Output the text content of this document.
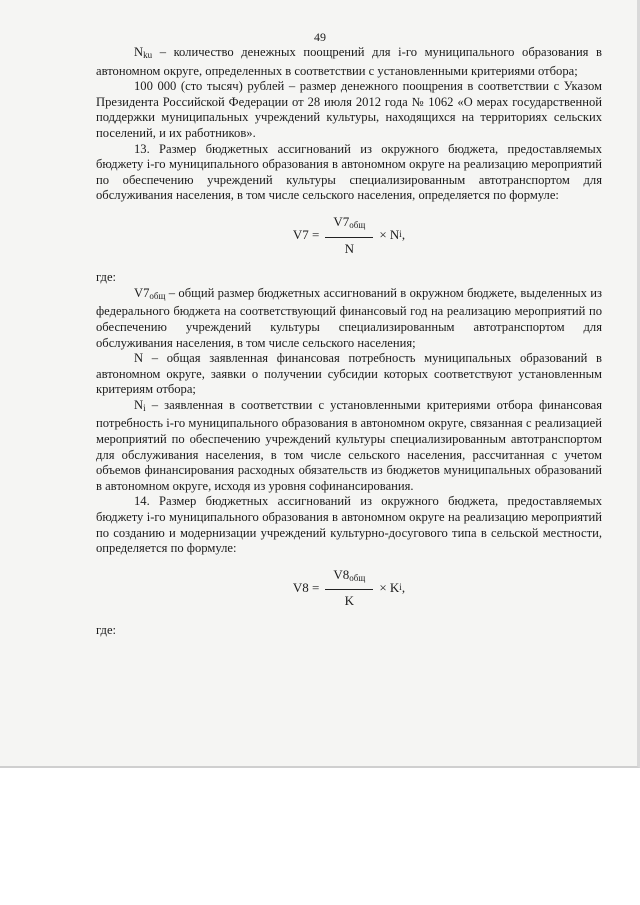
49

$N_{ku}$ – количество денежных поощрений для i-го муниципального образования в автономном округе, определенных в соответствии с установленными критериями отбора;

100 000 (сто тысяч) рублей – размер денежного поощрения в соответствии с Указом Президента Российской Федерации от 28 июля 2012 года № 1062 «О мерах государственной поддержки муниципальных учреждений культуры, находящихся на территориях сельских поселений, и их работников».

13. Размер бюджетных ассигнований из окружного бюджета, предоставляемых бюджету i-го муниципального образования в автономном округе на реализацию мероприятий по обеспечению учреждений культуры специализированным автотранспортом для обслуживания населения, в том числе сельского населения, определяется по формуле:

$V7 = \frac{V7_{общ}}{N} \times N$ i ,

где:

$V7_{общ}$ – общий размер бюджетных ассигнований в окружном бюджете, выделенных из федерального бюджета на соответствующий финансовый год на реализацию мероприятий по обеспечению учреждений культуры специализированным автотранспортом для обслуживания населения, в том числе сельского населения;

N – общая заявленная финансовая потребность муниципальных образований в автономном округе, заявки о получении субсидии которых соответствуют установленным критериям отбора;

$N_i$ – заявленная в соответствии с установленными критериями отбора финансовая потребность i-го муниципального образования в автономном округе, связанная с реализацией мероприятий по обеспечению учреждений культуры специализированным автотранспортом для обслуживания населения, в том числе сельского населения, рассчитанная с учетом объемов финансирования расходных обязательств из бюджетов муниципальных образований в автономном округе, исходя из уровня софинансирования.

14. Размер бюджетных ассигнований из окружного бюджета, предоставляемых бюджету i-го муниципального образования в автономном округе на реализацию мероприятий по созданию и модернизации учреждений культурно-досугового типа в сельской местности, определяется по формуле:

$V8 = \frac{V8_{общ}}{K} \times K$ i ,

где:
